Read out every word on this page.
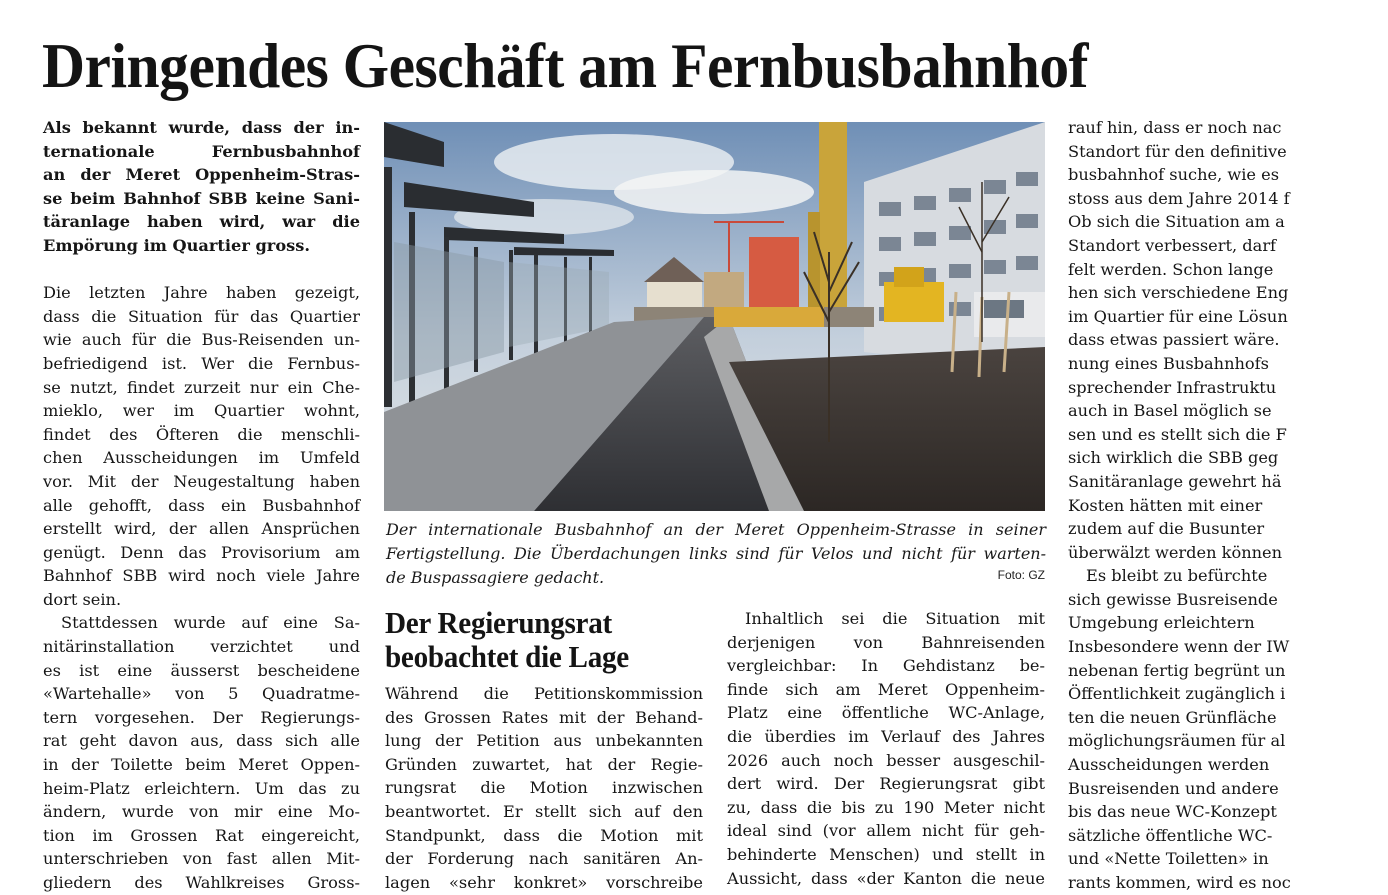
Dringendes Geschäft am Fernbusbahnhof
Als bekannt wurde, dass der in-
ternationale Fernbusbahnhof
an der Meret Oppenheim-Stras-
se beim Bahnhof SBB keine Sani-
täranlage haben wird, war die
Empörung im Quartier gross.
Die letzten Jahre haben gezeigt,
dass die Situation für das Quartier
wie auch für die Bus-Reisenden un-
befriedigend ist. Wer die Fernbus-
se nutzt, findet zurzeit nur ein Che-
mieklo, wer im Quartier wohnt,
findet des Öfteren die menschli-
chen Ausscheidungen im Umfeld
vor. Mit der Neugestaltung haben
alle gehofft, dass ein Busbahnhof
erstellt wird, der allen Ansprüchen
genügt. Denn das Provisorium am
Bahnhof SBB wird noch viele Jahre
dort sein.
Stattdessen wurde auf eine Sa-
nitärinstallation verzichtet und
es ist eine äusserst bescheidene
«Wartehalle» von 5 Quadratme-
tern vorgesehen. Der Regierungs-
rat geht davon aus, dass sich alle
in der Toilette beim Meret Oppen-
heim-Platz erleichtern. Um das zu
ändern, wurde von mir eine Mo-
tion im Grossen Rat eingereicht,
unterschrieben von fast allen Mit-
gliedern des Wahlkreises Gross-
Der internationale Busbahnhof an der Meret Oppenheim-Strasse in seiner
Fertigstellung. Die Überdachungen links sind für Velos und nicht für warten-
de Buspassagiere gedacht.	Foto: GZ
Der Regierungsrat
beobachtet die Lage
Während die Petitionskommission
des Grossen Rates mit der Behand-
lung der Petition aus unbekannten
Gründen zuwartet, hat der Regie-
rungsrat die Motion inzwischen
beantwortet. Er stellt sich auf den
Standpunkt, dass die Motion mit
der Forderung nach sanitären An-
lagen «sehr konkret» vorschreibe
Inhaltlich sei die Situation mit
derjenigen von Bahnreisenden
vergleichbar: In Gehdistanz be-
finde sich am Meret Oppenheim-
Platz eine öffentliche WC-Anlage,
die überdies im Verlauf des Jahres
2026 auch noch besser ausgeschil-
dert wird. Der Regierungsrat gibt
zu, dass die bis zu 190 Meter nicht
ideal sind (vor allem nicht für geh-
behinderte Menschen) und stellt in
Aussicht, dass «der Kanton die neue
rauf hin, dass er noch nac
Standort für den definitive
busbahnhof suche, wie es
stoss aus dem Jahre 2014 f
Ob sich die Situation am a
Standort verbessert, darf
felt werden. Schon lange
hen sich verschiedene Eng
im Quartier für eine Lösun
dass etwas passiert wäre.
nung eines Busbahnhofs
sprechender Infrastruktu
auch in Basel möglich se
sen und es stellt sich die F
sich wirklich die SBB geg
Sanitäranlage gewehrt hä
Kosten hätten mit einer
zudem auf die Busunter
überwälzt werden können
Es bleibt zu befürchte
sich gewisse Busreisende
Umgebung erleichtern
Insbesondere wenn der IW
nebenan fertig begrünt un
Öffentlichkeit zugänglich i
ten die neuen Grünfläche
möglichungsräumen für al
Ausscheidungen werden
Busreisenden und andere
bis das neue WC-Konzept
sätzliche öffentliche WC-
und «Nette Toiletten» in
rants kommen, wird es noc
